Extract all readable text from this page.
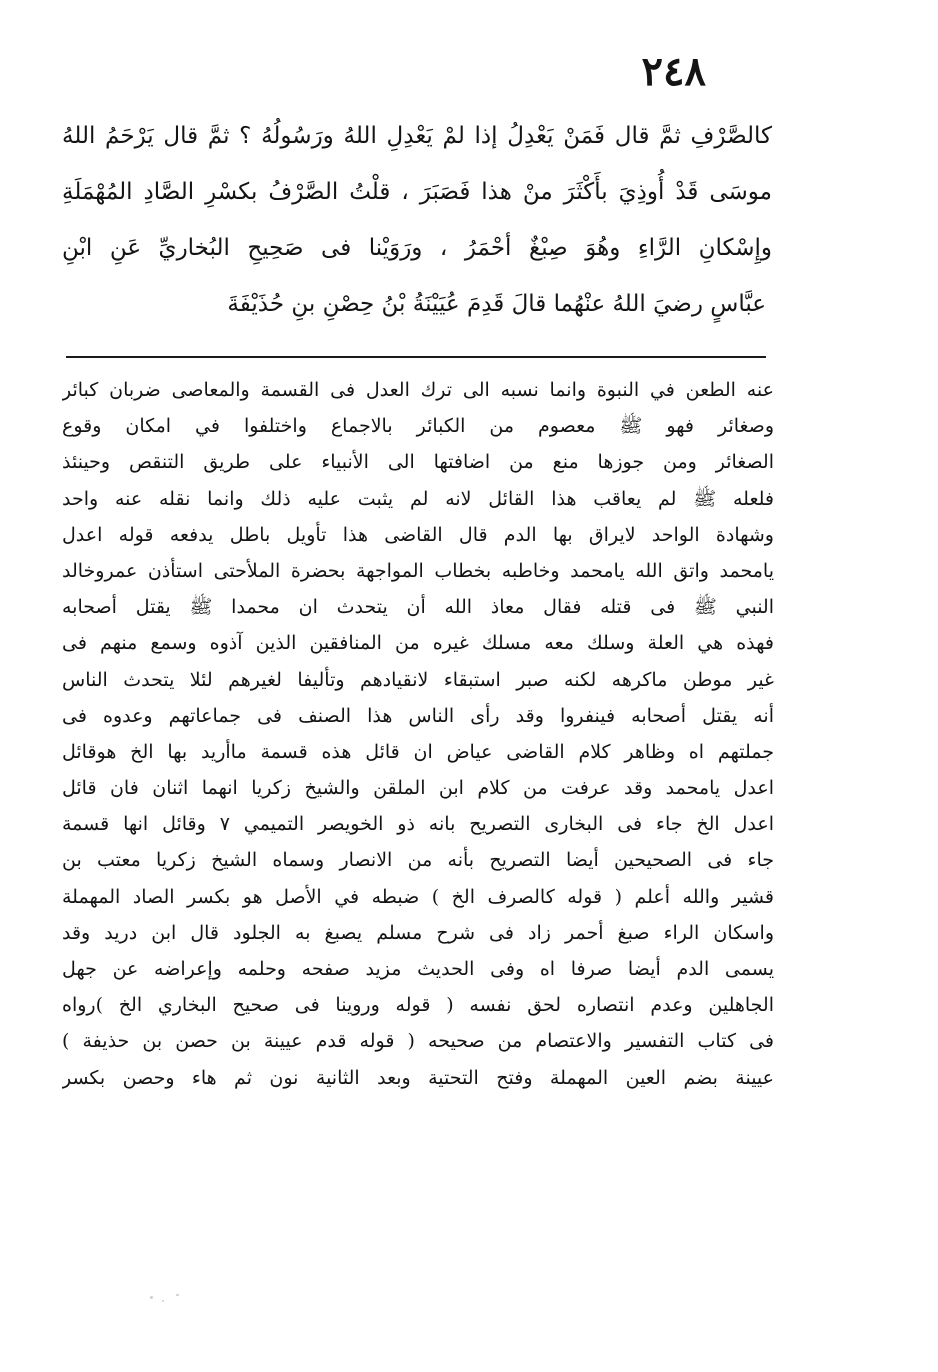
٢٤٨
كالصَّرْفِ ثمَّ قال فَمَنْ يَعْدِلُ إذا لمْ يَعْدِلِ اللهُ ورَسُولُهُ ؟ ثمَّ قال يَرْحَمُ اللهُ
موسَى قَدْ أُوذِيَ بأَكْثَرَ منْ هذا فَصَبَرَ ، قلْتُ الصَّرْفُ بكسْرِ الصَّادِ المُهْمَلَةِ
وإِسْكانِ الرَّاءِ وهُوَ صِبْغٌ أحْمَرُ ، ورَوَيْنا فى صَحِيحِ البُخاريِّ عَنِ ابْنِ
عبَّاسٍ رضيَ اللهُ عنْهُما قالَ قَدِمَ عُيَيْنَةُ بْنُ حِصْنِ بنِ حُذَيْفَةَ
عنه الطعن في النبوة وانما نسبه الى ترك العدل فى القسمة والمعاصى ضربان كبائر
وصغائر فهو ﷺ معصوم من الكبائر بالاجماع واختلفوا في امكان وقوع
الصغائر ومن جوزها منع من اضافتها الى الأنبياء على طريق التنقص وحينئذ
فلعله ﷺ لم يعاقب هذا القائل لانه لم يثبت عليه ذلك وانما نقله عنه واحد
وشهادة الواحد لايراق بها الدم قال القاضى هذا تأويل باطل يدفعه قوله اعدل
يامحمد واتق الله يامحمد وخاطبه بخطاب المواجهة بحضرة الملأحتى استأذن عمروخالد
النبي ﷺ فى قتله فقال معاذ الله أن يتحدث ان محمدا ﷺ يقتل أصحابه
فهذه هي العلة وسلك معه مسلك غيره من المنافقين الذين آذوه وسمع منهم فى
غير موطن ماكرهه لكنه صبر استبقاء لانقيادهم وتأليفا لغيرهم لئلا يتحدث الناس
أنه يقتل أصحابه فينفروا وقد رأى الناس هذا الصنف فى جماعاتهم وعدوه فى
جملتهم اه وظاهر كلام القاضى عياض ان قائل هذه قسمة ماأريد بها الخ هوقائل
اعدل يامحمد وقد عرفت من كلام ابن الملقن والشيخ زكريا انهما اثنان فان قائل
اعدل الخ جاء فى البخارى التصريح بانه ذو الخويصر التميمي ٧ وقائل انها قسمة
جاء فى الصحيحين أيضا التصريح بأنه من الانصار وسماه الشيخ زكريا معتب بن
قشير والله أعلم ( قوله كالصرف الخ ) ضبطه في الأصل هو بكسر الصاد المهملة
واسكان الراء صبغ أحمر زاد فى شرح مسلم يصبغ به الجلود قال ابن دريد وقد
يسمى الدم أيضا صرفا اه وفى الحديث مزيد صفحه وحلمه وإعراضه عن جهل
الجاهلين وعدم انتصاره لحق نفسه ( قوله وروينا فى صحيح البخاري الخ )رواه
فى كتاب التفسير والاعتصام من صحيحه ( قوله قدم عيينة بن حصن بن حذيفة )
عيينة بضم العين المهملة وفتح التحتية وبعد الثانية نون ثم هاء وحصن بكسر
